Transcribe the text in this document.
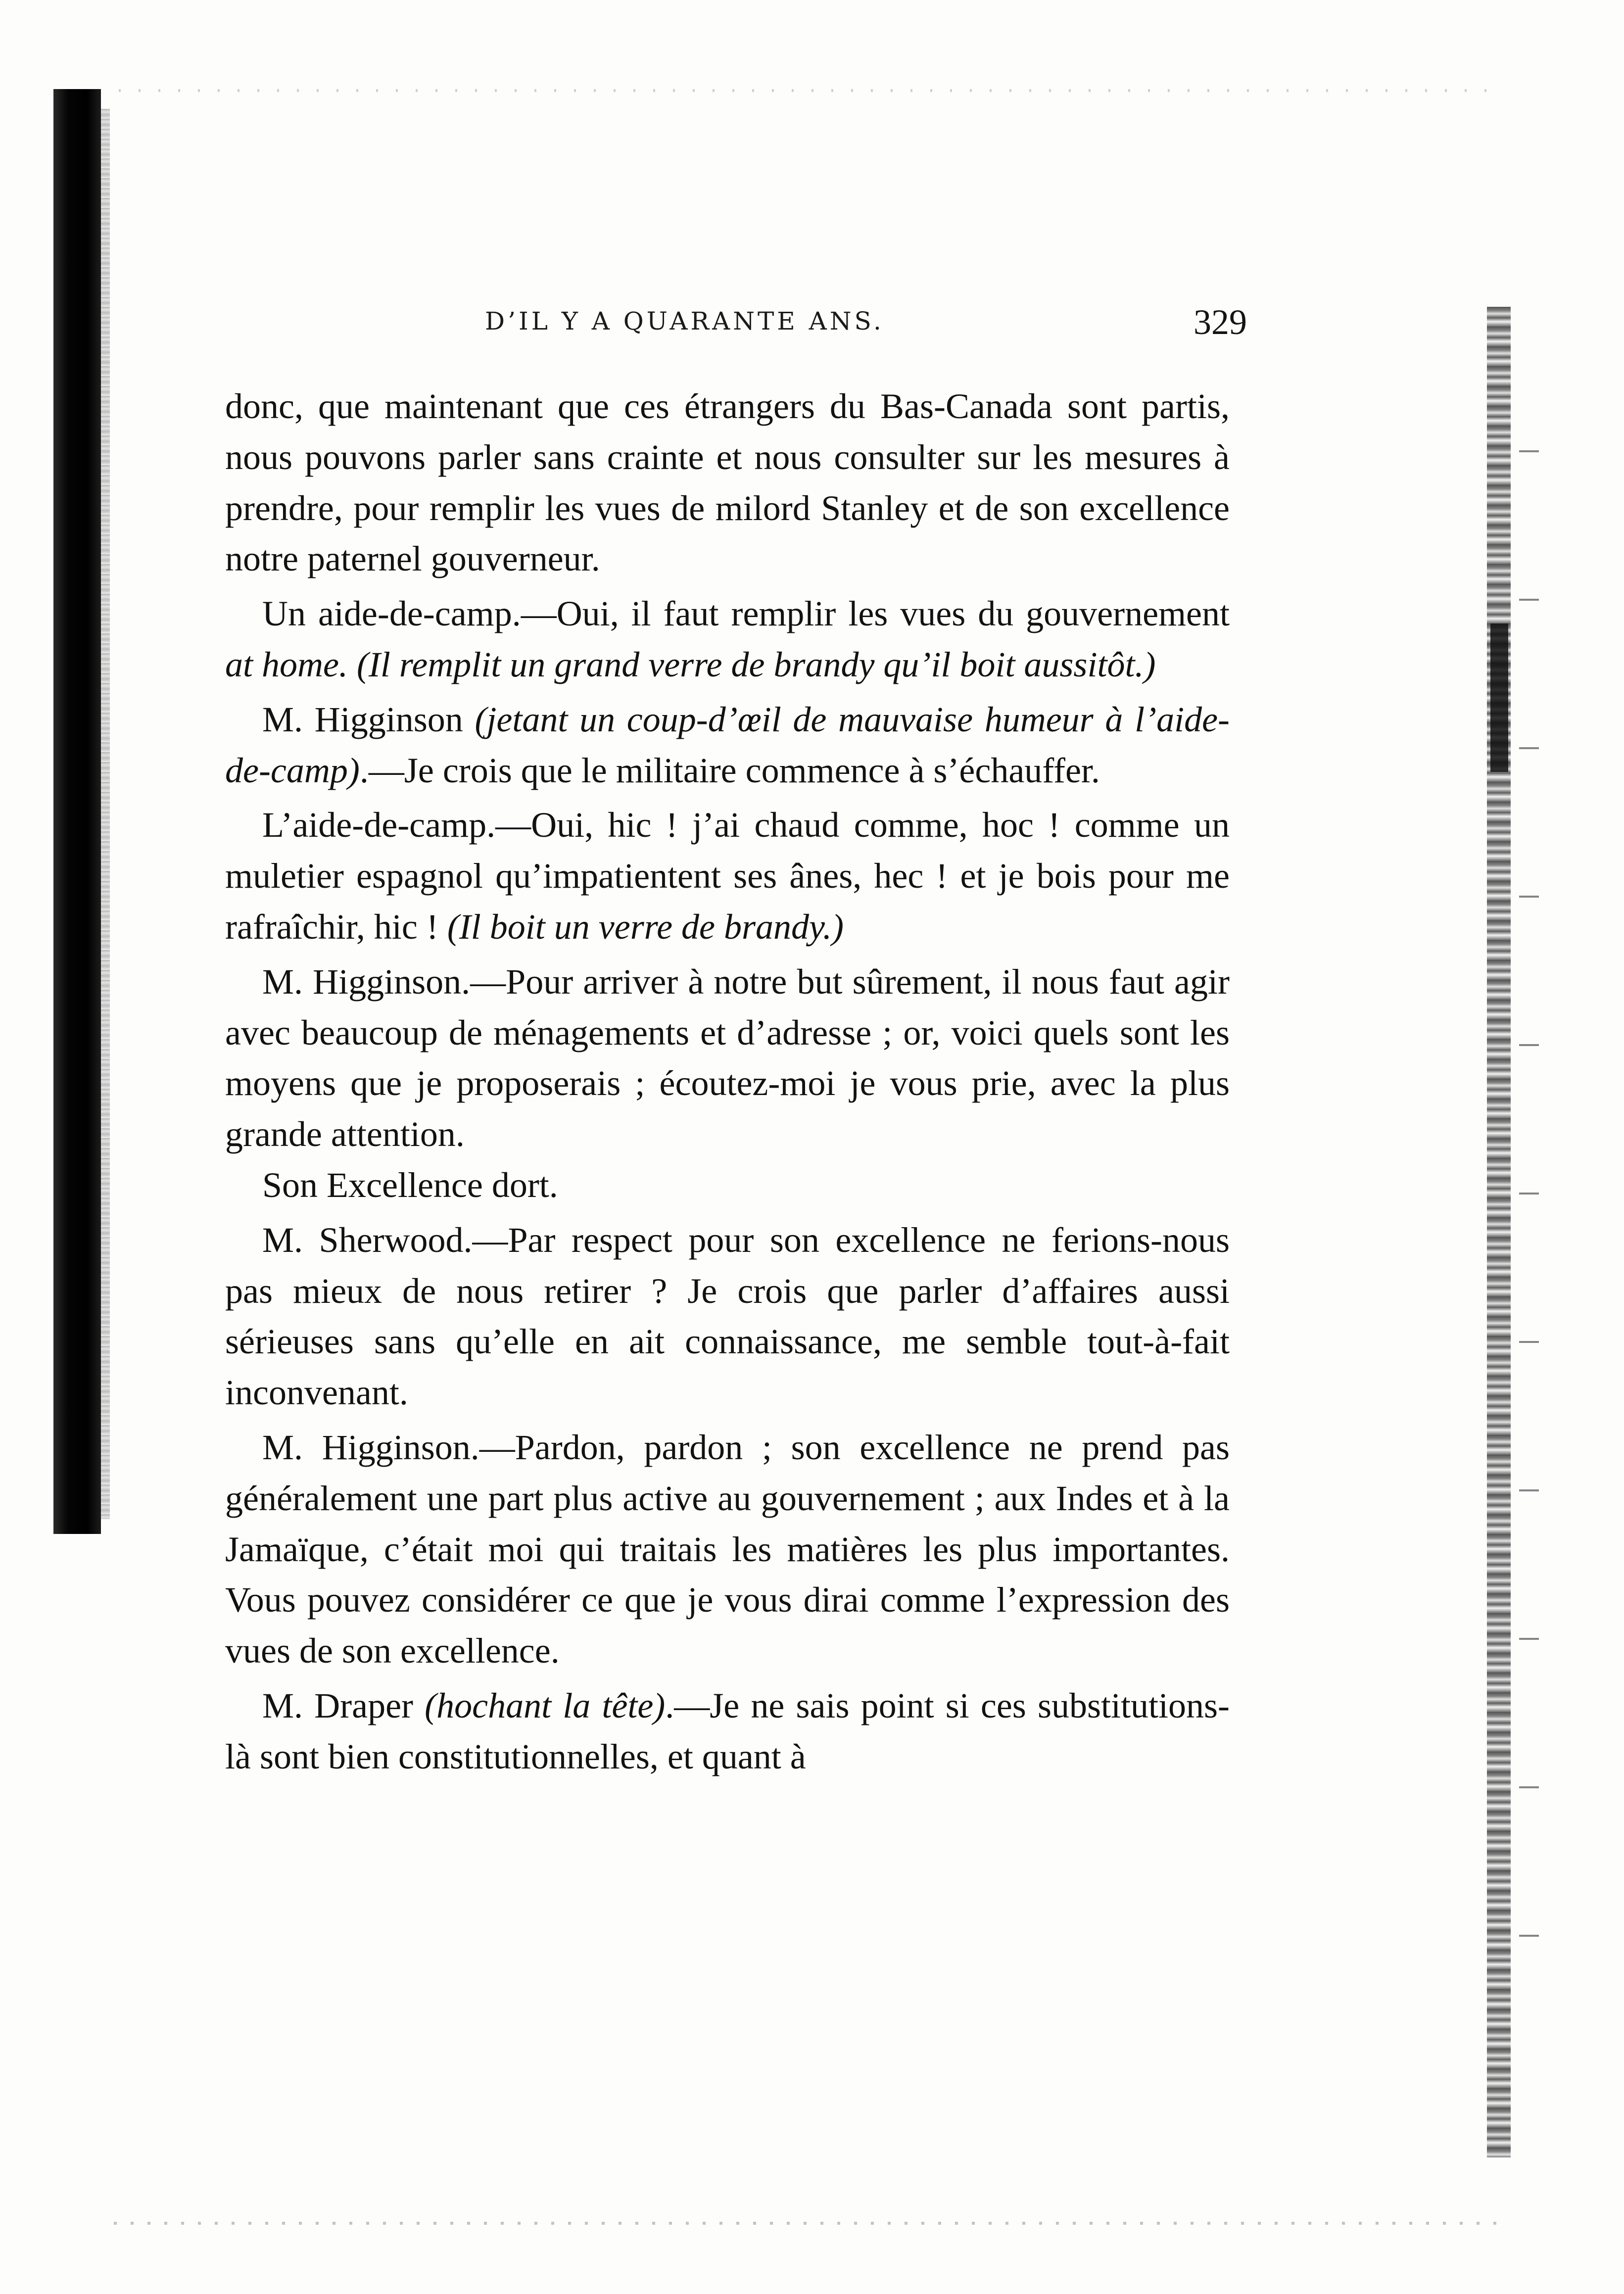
D’IL Y A QUARANTE ANS.	329

donc, que maintenant que ces étrangers du Bas-Canada sont partis, nous pouvons parler sans crainte et nous consulter sur les mesures à prendre, pour remplir les vues de milord Stanley et de son excellence notre paternel gouverneur.

Un aide-de-camp.—Oui, il faut remplir les vues du gouvernement at home. (Il remplit un grand verre de brandy qu’il boit aussitôt.)

M. Higginson (jetant un coup-d’œil de mauvaise humeur à l’aide-de-camp).—Je crois que le militaire commence à s’échauffer.

L’aide-de-camp.—Oui, hic ! j’ai chaud comme, hoc ! comme un muletier espagnol qu’impatientent ses ânes, hec ! et je bois pour me rafraîchir, hic ! (Il boit un verre de brandy.)

M. Higginson.—Pour arriver à notre but sûrement, il nous faut agir avec beaucoup de ménagements et d’adresse ; or, voici quels sont les moyens que je proposerais ; écoutez-moi je vous prie, avec la plus grande attention.

Son Excellence dort.

M. Sherwood.—Par respect pour son excellence ne ferions-nous pas mieux de nous retirer ? Je crois que parler d’affaires aussi sérieuses sans qu’elle en ait connaissance, me semble tout-à-fait inconvenant.

M. Higginson.—Pardon, pardon ; son excellence ne prend pas généralement une part plus active au gouvernement ; aux Indes et à la Jamaïque, c’était moi qui traitais les matières les plus importantes. Vous pouvez considérer ce que je vous dirai comme l’expression des vues de son excellence.

M. Draper (hochant la tête).—Je ne sais point si ces substitutions-là sont bien constitutionnelles, et quant à
